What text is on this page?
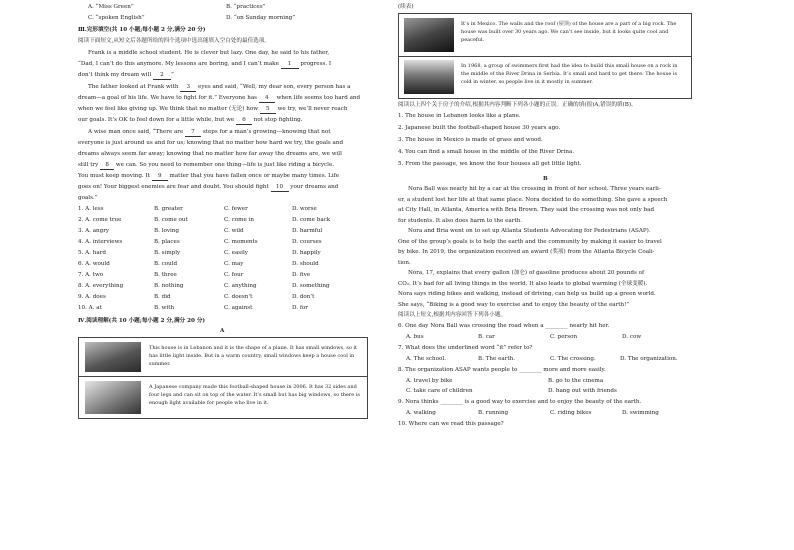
A. “Miss Green”	B. “practices”
C. “spoken English”	D. “on Sunday morning”
Ⅲ.完形填空(共 10 小题;每小题 2 分,满分 20 分)
阅读下面短文,从短文后各题所给的四个选项中选出能填入空白处的最佳选项。
Frank is a middle school student. He is clever but lazy. One day, he said to his father,
“Dad, I can’t do this anymore. My lessons are boring, and I can’t make 1 progress. I
don’t think my dream will 2 ”
The father looked at Frank with 3 eyes and said, “Well, my dear son, every person has a
dream—a goal of his life. We have to fight for it.” Everyone has 4 when life seems too hard and
when we feel like giving up. We think that no matter (无论) how 5 we try, we’ll never reach
our goals. It’s OK to feel down for a little while, but we 6 not stop fighting.
A wise man once said, “There are 7 steps for a man’s growing—knowing that not
everyone is just around us and for us; knowing that no matter how hard we try, the goals and
dreams always seem far away; knowing that no matter how far away the dreams are, we will
still try 8 we can. So you need to remember one thing—life is just like riding a bicycle.
You must keep moving. It 9 matter that you have fallen once or maybe many times. Life
goes on! Your biggest enemies are fear and doubt. You should fight 10 your dreams and
goals.”
1. A. less	B. greater	C. fewer	D. worse
2. A. come true	B. come out	C. come in	D. come back
3. A. angry	B. loving	C. wild	D. harmful
4. A. interviews	B. places	C. moments	D. courses
5. A. hard	B. simply	C. easily	D. happily
6. A. would	B. could	C. may	D. should
7. A. two	B. three	C. four	D. five
8. A. everything	B. nothing	C. anything	D. something
9. A. does	B. did	C. doesn’t	D. don’t
10. A. at	B. with	C. against	D. for
Ⅳ.阅读理解(共 10 小题;每小题 2 分,满分 20 分)
A
This house is in Lebanon and it is the shape of a plane. It has small windows, so it has little light inside. But in a warm country, small windows keep a house cool in summer.
A Japanese company made this football-shaped house in 2006. It has 32 sides and four legs and can sit on top of the water. It’s small but has big windows, so there is enough light available for people who live in it.
(续表)
It’s in Mexico. The walls and the roof (屋顶) of the house are a part of a big rock. The house was built over 30 years ago. We can’t see inside, but it looks quite cool and peaceful.
In 1968, a group of swimmers first had the idea to build this small house on a rock in the middle of the River Drina in Serbia. It’s small and hard to get there. The house is cold in winter, so people live in it mostly in summer.
阅读以上四个关于房子的介绍,根据其内容判断下列各小题的正误。正确的填(很)A,错误的填(B)。
1. The house in Lebanon looks like a plane.
2. Japanese built the football-shaped house 30 years ago.
3. The house in Mexico is made of grass and wood.
4. You can find a small house in the middle of the River Drina.
5. From the passage, we know the four houses all get little light.
B
Nora Ball was nearly hit by a car at the crossing in front of her school. Three years earli-
er, a student lost her life at that same place. Nora decided to do something. She gave a speech
at City Hall, in Atlanta, America with Bria Brown. They said the crossing was not only bad
for students. It also does harm to the earth.
Nora and Bria went on to set up Atlanta Students Advocating for Pedestrians (ASAP).
One of the group’s goals is to help the earth and the community by making it easier to travel
by bike. In 2019, the organization received an award (奖项) from the Atlanta Bicycle Coali-
tion.
Nora, 17, explains that every gallon (加仑) of gasoline produces about 20 pounds of
CO₂. It’s bad for all living things in the world. It also leads to global warming (全球变暖).
Nora says riding bikes and walking, instead of driving, can help us build up a green world.
She says, “Biking is a good way to exercise and to enjoy the beauty of the earth!”
阅读以上短文,根据其内容回答下列各小题。
6. One day Nora Ball was crossing the road when a ________ nearly hit her.
A. bus	B. car	C. person	D. cow
7. What does the underlined word “it” refer to?
A. The school.	B. The earth.	C. The crossing.	D. The organization.
8. The organization ASAP wants people to ________ more and more easily.
A. travel by bike	B. go to the cinema
C. take care of children	D. hang out with friends
9. Nora thinks ________ is a good way to exercise and to enjoy the beauty of the earth.
A. walking	B. running	C. riding bikes	D. swimming
10. Where can we read this passage?
